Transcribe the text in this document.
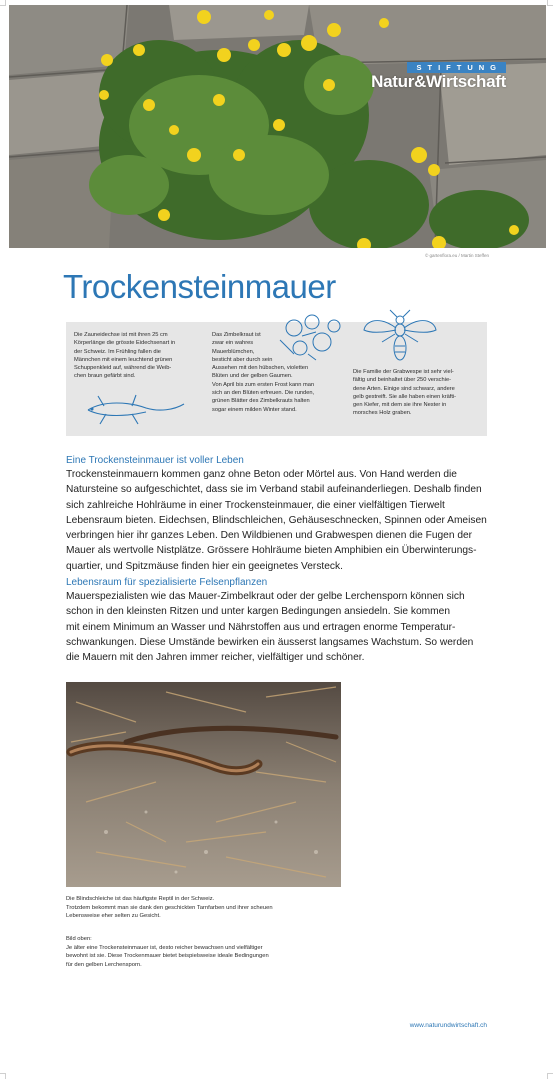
STIFTUNG
Natur&Wirtschaft
© gartenflora.eu / Martin Steffen
Trockensteinmauer
Die Zauneidechse ist mit ihren 25 cm
Körperlänge die grösste Eidechsenart in
der Schweiz. Im Frühling fallen die
Männchen mit einem leuchtend grünen
Schuppenkleid auf, während die Weib-
chen braun gefärbt sind.
Das Zimbelkraut ist
zwar ein wahres
Mauerblümchen,
besticht aber durch sein
Aussehen mit den hübschen, violetten
Blüten und der gelben Gaumen.
Von April bis zum ersten Frost kann man
sich an den Blüten erfreuen. Die runden,
grünen Blätter des Zimbelkrauts halten
sogar einem milden Winter stand.
Die Familie der Grabwespe ist sehr viel-
fältig und beinhaltet über 250 verschie-
dene Arten. Einige sind schwarz, andere
gelb gestreift. Sie alle haben einen kräfti-
gen Kiefer, mit dem sie ihre Nester in
morsches Holz graben.
Eine Trockensteinmauer ist voller Leben
Trockensteinmauern kommen ganz ohne Beton oder Mörtel aus. Von Hand werden die
Natursteine so aufgeschichtet, dass sie im Verband stabil aufeinanderliegen. Deshalb finden
sich zahlreiche Hohlräume in einer Trockensteinmauer, die einer vielfältigen Tierwelt
Lebensraum bieten. Eidechsen, Blindschleichen, Gehäuseschnecken, Spinnen oder Ameisen
verbringen hier ihr ganzes Leben. Den Wildbienen und Grabwespen dienen die Fugen der
Mauer als wertvolle Nistplätze. Grössere Hohlräume bieten Amphibien ein Überwinterungs-
quartier, und Spitzmäuse finden hier ein geeignetes Versteck.
Lebensraum für spezialisierte Felsenpflanzen
Mauerspezialisten wie das Mauer-Zimbelkraut oder der gelbe Lerchensporn können sich
schon in den kleinsten Ritzen und unter kargen Bedingungen ansiedeln. Sie kommen
mit einem Minimum an Wasser und Nährstoffen aus und ertragen enorme Temperatur-
schwankungen. Diese Umstände bewirken ein äusserst langsames Wachstum. So werden
die Mauern mit den Jahren immer reicher, vielfältiger und schöner.
Die Blindschleiche ist das häufigste Reptil in der Schweiz.
Trotzdem bekommt man sie dank den geschickten Tarnfarben und ihrer scheuen
Lebensweise eher selten zu Gesicht.
Bild oben:
Je älter eine Trockensteinmauer ist, desto reicher bewachsen und vielfältiger
bewohnt ist sie. Diese Trockenmauer bietet beispielsweise ideale Bedingungen
für den gelben Lerchensporn.
www.naturundwirtschaft.ch
